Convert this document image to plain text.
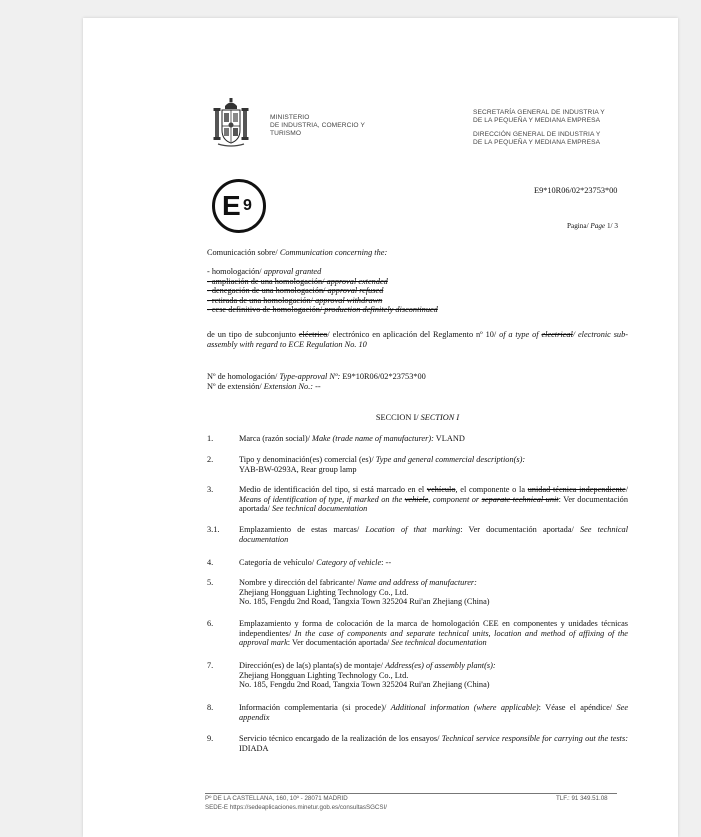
MINISTERIO
DE INDUSTRIA, COMERCIO Y
TURISMO
SECRETARÍA GENERAL DE INDUSTRIA Y
DE LA PEQUEÑA Y MEDIANA EMPRESA
DIRECCIÓN GENERAL DE INDUSTRIA Y
DE LA PEQUEÑA Y MEDIANA EMPRESA
E 9
E9*10R06/02*23753*00
Pagina/ Page 1/ 3
Comunicación sobre/ Communication concerning the:
- homologación/ approval granted
- ampliación de una homologación/ approval extended
- denegación de una homologación/ approval refused
- retirada de una homologación/ approval withdrawn
- cese definitivo de homologación/ production definitely discontinued
de un tipo de subconjunto eléctrico/ electrónico en aplicación del Reglamento nº 10/ of a type of electrical/ electronic sub-assembly with regard to ECE Regulation No. 10
Nº de homologación/ Type-approval Nº: E9*10R06/02*23753*00
Nº de extensión/ Extension No.: --
SECCION I/ SECTION I
1.	Marca (razón social)/ Make (trade name of manufacturer): VLAND
2.	Tipo y denominación(es) comercial (es)/ Type and general commercial description(s):
YAB-BW-0293A, Rear group lamp
3.	Medio de identificación del tipo, si está marcado en el vehículo, el componente o la unidad técnica independiente/ Means of identification of type, if marked on the vehicle, component or separate technical unit: Ver documentación aportada/ See technical documentation
3.1. Emplazamiento de estas marcas/ Location of that marking: Ver documentación aportada/ See technical documentation
4.	Categoría de vehículo/ Category of vehicle: --
5.	Nombre y dirección del fabricante/ Name and address of manufacturer:
Zhejiang Hongguan Lighting Technology Co., Ltd.
No. 185, Fengdu 2nd Road, Tangxia Town 325204 Rui'an Zhejiang (China)
6.	Emplazamiento y forma de colocación de la marca de homologación CEE en componentes y unidades técnicas independientes/ In the case of components and separate technical units, location and method of affixing of the approval mark: Ver documentación aportada/ See technical documentation
7.	Dirección(es) de la(s) planta(s) de montaje/ Address(es) of assembly plant(s):
Zhejiang Hongguan Lighting Technology Co., Ltd.
No. 185, Fengdu 2nd Road, Tangxia Town 325204 Rui'an Zhejiang (China)
8.	Información complementaria (si procede)/ Additional information (where applicable): Véase el apéndice/ See appendix
9.	Servicio técnico encargado de la realización de los ensayos/ Technical service responsible for carrying out the tests: IDIADA
Pº DE LA CASTELLANA, 160, 10º - 28071 MADRID	TLF.: 91 349.51.08
SEDE-E https://sedeaplicaciones.minetur.gob.es/consultasSGCSI/
